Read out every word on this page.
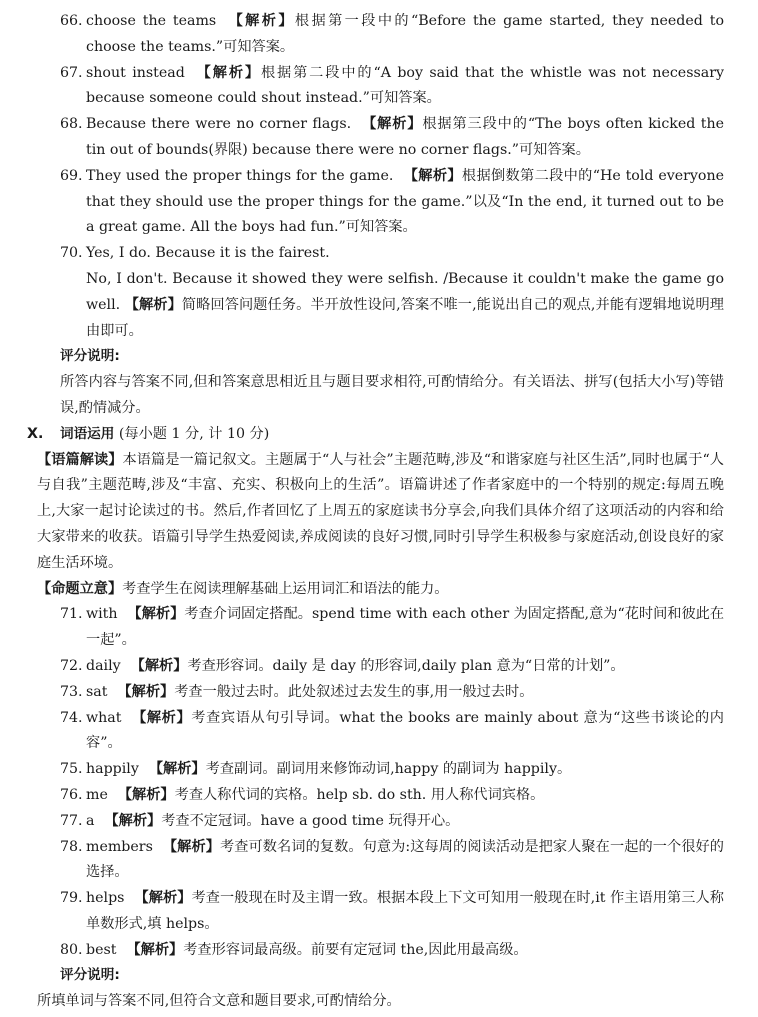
66. choose the teams 【解析】根据第一段中的“Before the game started, they needed to choose the teams.”可知答案。
67. shout instead 【解析】根据第二段中的“A boy said that the whistle was not necessary because someone could shout instead.”可知答案。
68. Because there were no corner flags. 【解析】根据第三段中的“The boys often kicked the tin out of bounds(界限) because there were no corner flags.”可知答案。
69. They used the proper things for the game. 【解析】根据倒数第二段中的“He told everyone that they should use the proper things for the game.”以及“In the end, it turned out to be a great game. All the boys had fun.”可知答案。
70. Yes, I do. Because it is the fairest.
No, I don't. Because it showed they were selfish. /Because it couldn't make the game go well. 【解析】简略回答问题任务。半开放性设问,答案不唯一,能说出自己的观点,并能有逻辑地说明理由即可。
评分说明:
所答内容与答案不同,但和答案意思相近且与题目要求相符,可酌情给分。有关语法、拼写(包括大小写)等错误,酌情减分。
Ⅹ. 词语运用 (每小题 1 分, 计 10 分)
【语篇解读】本语篇是一篇记叙文。主题属于“人与社会”主题范畴,涉及“和谐家庭与社区生活”,同时也属于“人与自我”主题范畴,涉及“丰富、充实、积极向上的生活”。语篇讲述了作者家庭中的一个特别的规定:每周五晚上,大家一起讨论读过的书。然后,作者回忆了上周五的家庭读书分享会,向我们具体介绍了这项活动的内容和给大家带来的收获。语篇引导学生热爱阅读,养成阅读的良好习惯,同时引导学生积极参与家庭活动,创设良好的家庭生活环境。
【命题立意】考查学生在阅读理解基础上运用词汇和语法的能力。
71. with 【解析】考查介词固定搭配。spend time with each other 为固定搭配,意为“花时间和彼此在一起”。
72. daily 【解析】考查形容词。daily 是 day 的形容词,daily plan 意为“日常的计划”。
73. sat 【解析】考查一般过去时。此处叙述过去发生的事,用一般过去时。
74. what 【解析】考查宾语从句引导词。what the books are mainly about 意为“这些书谈论的内容”。
75. happily 【解析】考查副词。副词用来修饰动词,happy 的副词为 happily。
76. me 【解析】考查人称代词的宾格。help sb. do sth. 用人称代词宾格。
77. a 【解析】考查不定冠词。have a good time 玩得开心。
78. members 【解析】考查可数名词的复数。句意为:这每周的阅读活动是把家人聚在一起的一个很好的选择。
79. helps 【解析】考查一般现在时及主谓一致。根据本段上下文可知用一般现在时,it 作主语用第三人称单数形式,填 helps。
80. best 【解析】考查形容词最高级。前要有定冠词 the,因此用最高级。
评分说明:
所填单词与答案不同,但符合文意和题目要求,可酌情给分。
